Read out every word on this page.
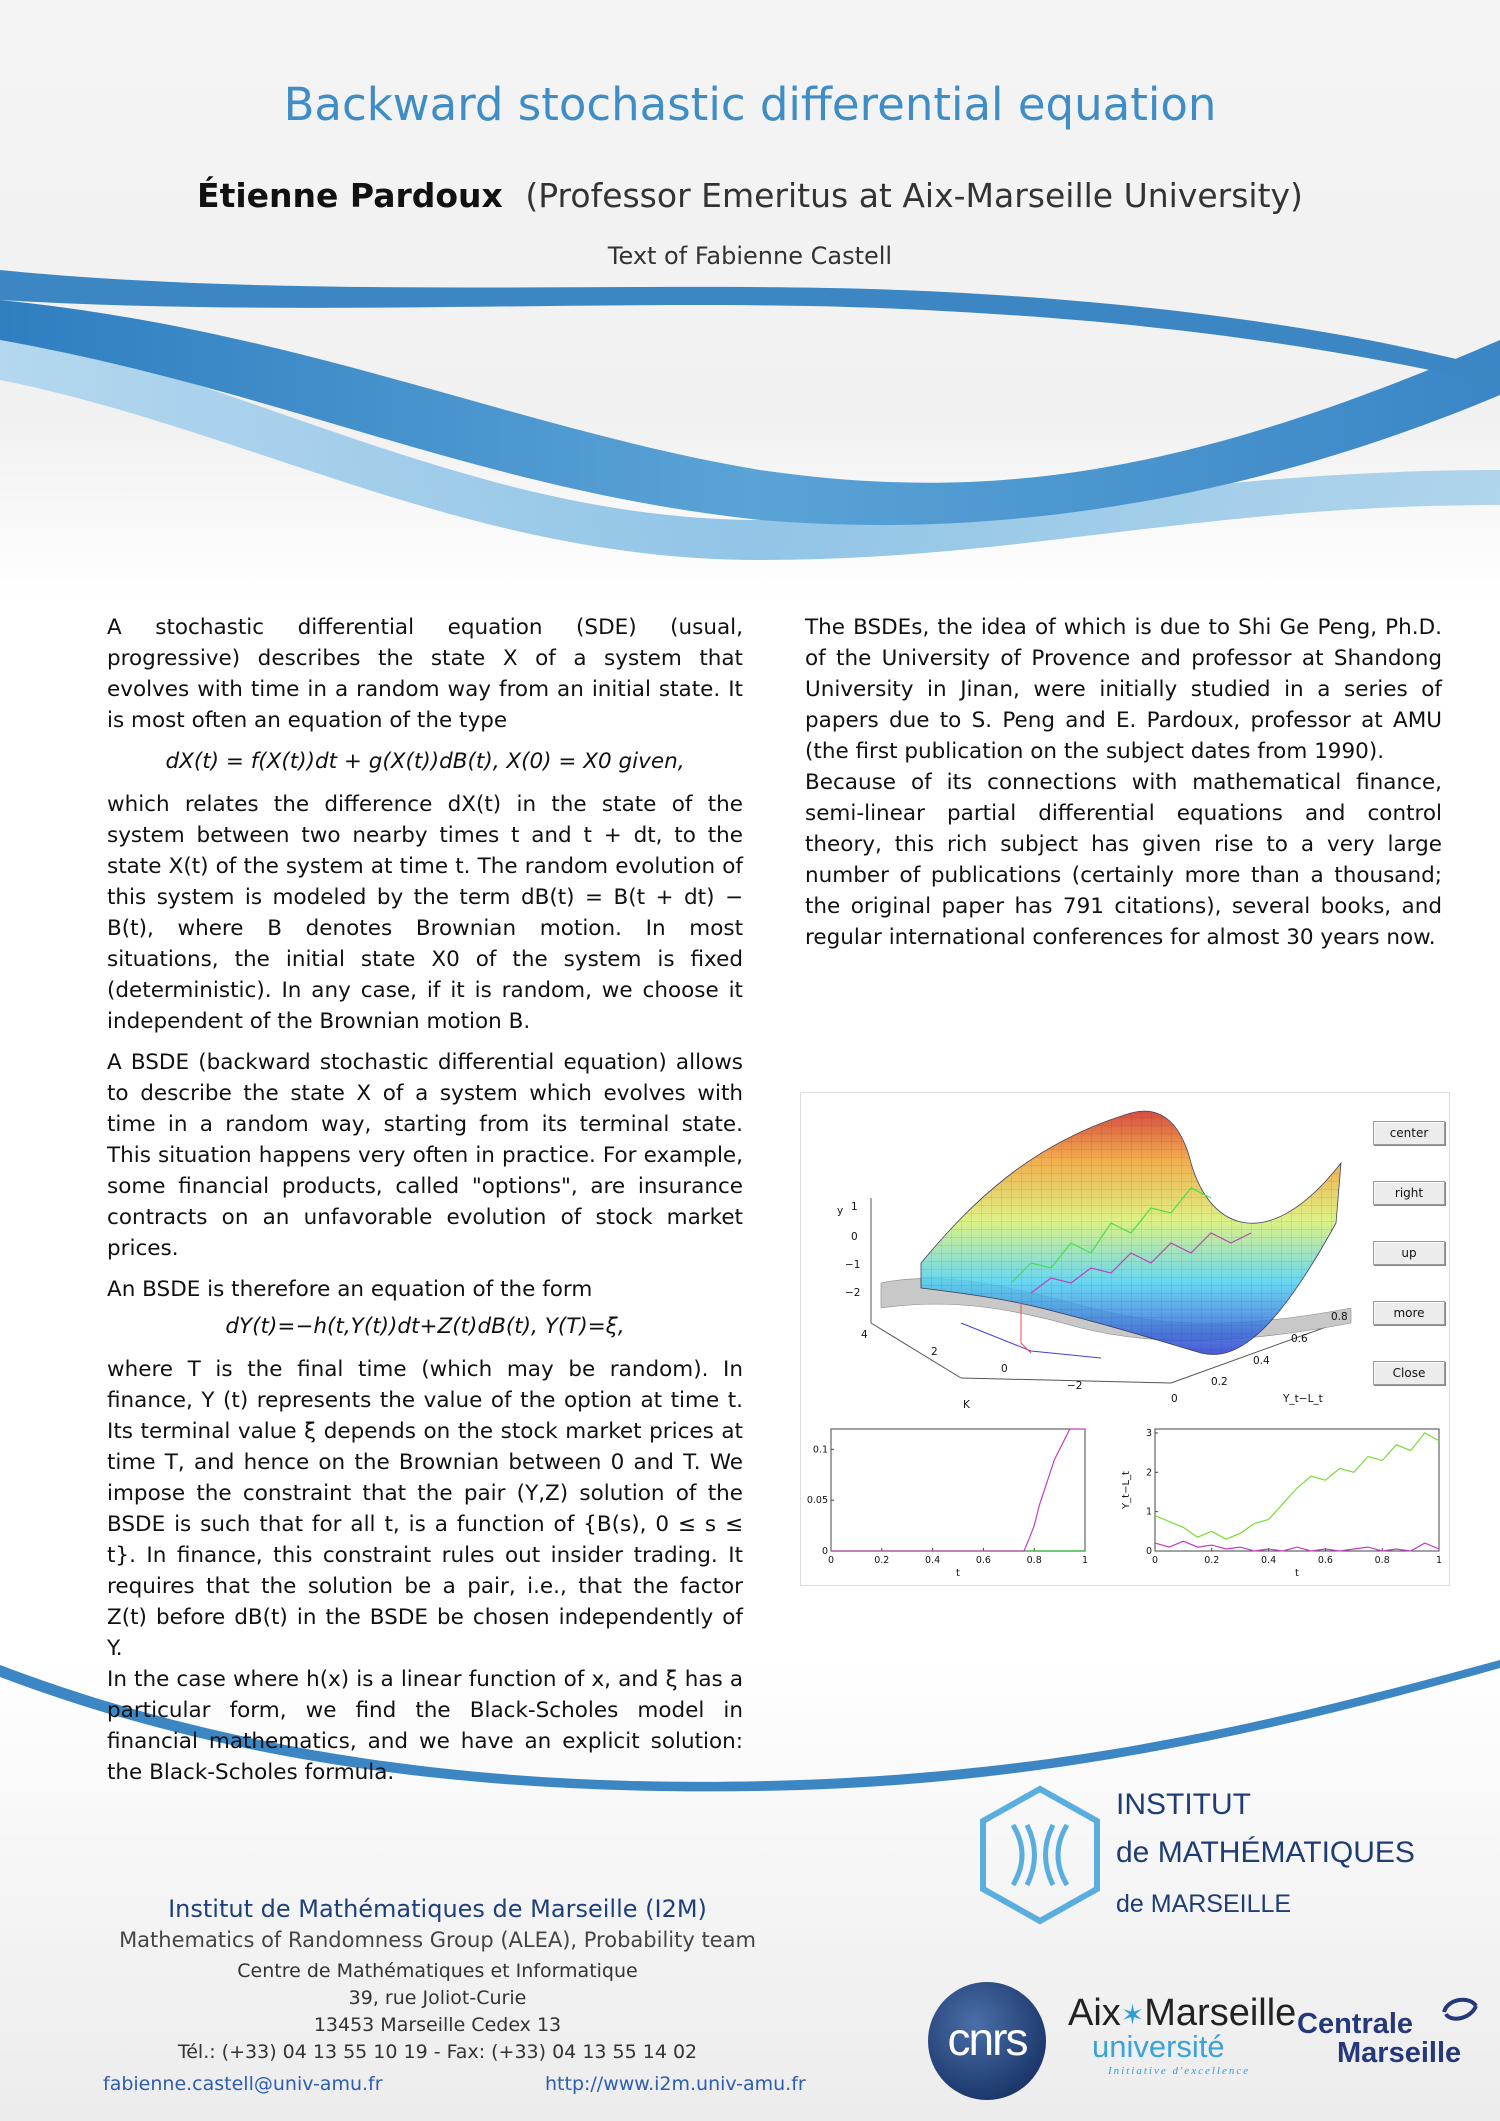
Backward stochastic differential equation
Étienne Pardoux (Professor Emeritus at Aix-Marseille University)
Text of Fabienne Castell

A stochastic differential equation (SDE) (usual, progressive) describes the state X of a system that evolves with time in a random way from an initial state. It is most often an equation of the type

dX(t) = f(X(t))dt + g(X(t))dB(t), X(0) = X0 given,

which relates the difference dX(t) in the state of the system between two nearby times t and t + dt, to the state X(t) of the system at time t. The random evolution of this system is modeled by the term dB(t) = B(t + dt) − B(t), where B denotes Brownian motion. In most situations, the initial state X0 of the system is fixed (deterministic). In any case, if it is random, we choose it independent of the Brownian motion B.

A BSDE (backward stochastic differential equation) allows to describe the state X of a system which evolves with time in a random way, starting from its terminal state. This situation happens very often in practice. For example, some financial products, called "options", are insurance contracts on an unfavorable evolution of stock market prices.

An BSDE is therefore an equation of the form

dY(t)=−h(t,Y(t))dt+Z(t)dB(t), Y(T)=ξ,

where T is the final time (which may be random). In finance, Y (t) represents the value of the option at time t. Its terminal value ξ depends on the stock market prices at time T, and hence on the Brownian between 0 and T. We impose the constraint that the pair (Y,Z) solution of the BSDE is such that for all t, is a function of {B(s), 0 ≤ s ≤ t}. In finance, this constraint rules out insider trading. It requires that the solution be a pair, i.e., that the factor Z(t) before dB(t) in the BSDE be chosen independently of Y.

In the case where h(x) is a linear function of x, and ξ has a particular form, we find the Black-Scholes model in financial mathematics, and we have an explicit solution: the Black-Scholes formula.

The BSDEs, the idea of which is due to Shi Ge Peng, Ph.D. of the University of Provence and professor at Shandong University in Jinan, were initially studied in a series of papers due to S. Peng and E. Pardoux, professor at AMU (the first publication on the subject dates from 1990).

Because of its connections with mathematical finance, semi-linear partial differential equations and control theory, this rich subject has given rise to a very large number of publications (certainly more than a thousand; the original paper has 791 citations), several books, and regular international conferences for almost 30 years now.

y 1
0
−1
−2
4
2
0
−2
K
0.8
0.6
0.4
0.2
0	Y_t−L_t
center
right
up
more
Close
0	0.2	0.4	0.6	0.8	1
0
0.05
0.1
t
0	0.2	0.4	0.6	0.8	1
0
1
2
3
t
Y_t−L_t
INSTITUT
de MATHÉMATIQUES
de MARSEILLE
Institut de Mathématiques de Marseille (I2M)
Mathematics of Randomness Group (ALEA), Probability team
Centre de Mathématiques et Informatique
39, rue Joliot-Curie
13453 Marseille Cedex 13
Tél.: (+33) 04 13 55 10 19 - Fax: (+33) 04 13 55 14 02
fabienne.castell@univ-amu.fr	http://www.i2m.univ-amu.fr
cnrs	Aix✶Marseille
université
Initiative d'excellence
Centrale
Marseille
